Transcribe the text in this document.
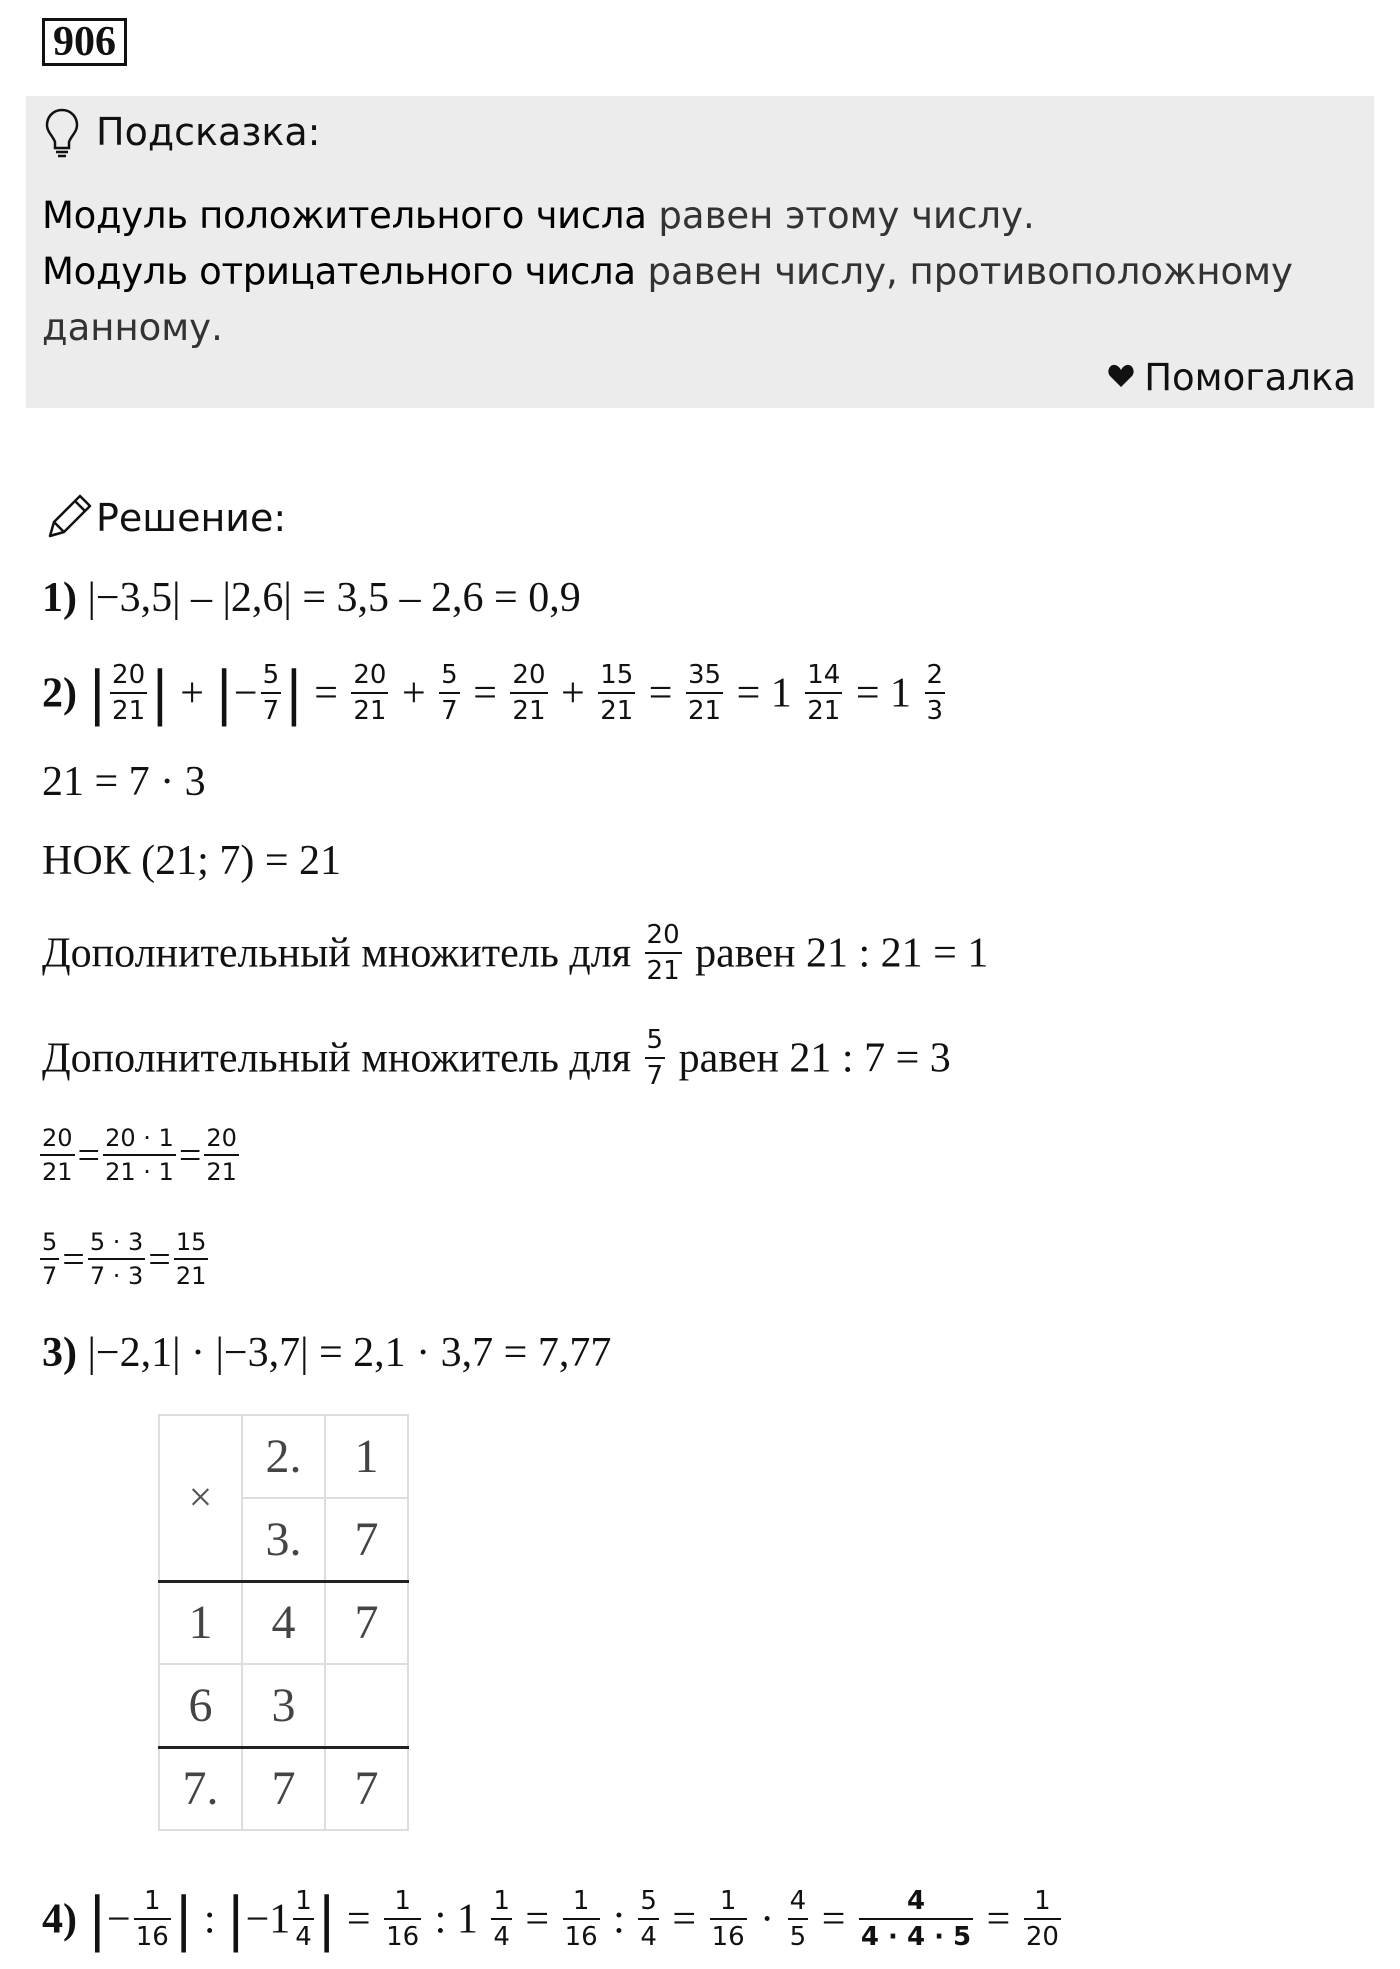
906
Подсказка:
Модуль положительного числа равен этому числу.
Модуль отрицательного числа равен числу, противоположному данному.
Помогалка
Решение:
1) |−3,5| – |2,6| = 3,5 – 2,6 = 0,9
2) | $\frac{20}{21}$ | + |− $\frac{5}{7}$ | = $\frac{20}{21} + \frac{5}{7} = \frac{20}{21} + \frac{15}{21} = \frac{35}{21} = 1 \frac{14}{21} = 1 \frac{2}{3}$
21 = 7 · 3
НОК (21; 7) = 21
Дополнительный множитель для $\frac{20}{21}$ равен 21 : 21 = 1
Дополнительный множитель для $\frac{5}{7}$ равен 21 : 7 = 3
$\frac{20}{21} = \frac{20 \cdot 1}{21 \cdot 1} = \frac{20}{21}$
$\frac{5}{7} = \frac{5 \cdot 3}{7 \cdot 3} = \frac{15}{21}$
3) |−2,1| · |−3,7| = 2,1 · 3,7 = 7,77
×	2.	1
	3.	7
1	4	7
6	3	
7.	7	7
4) |− $\frac{1}{16}$ | : $|-1 \frac{1}{4}$ | = $\frac{1}{16}$ : $1 \frac{1}{4} = \frac{1}{16}$ : $\frac{5}{4} = \frac{1}{16} \cdot \frac{4}{5} = \frac{4}{4 \cdot 4 \cdot 5} = \frac{1}{20}$
